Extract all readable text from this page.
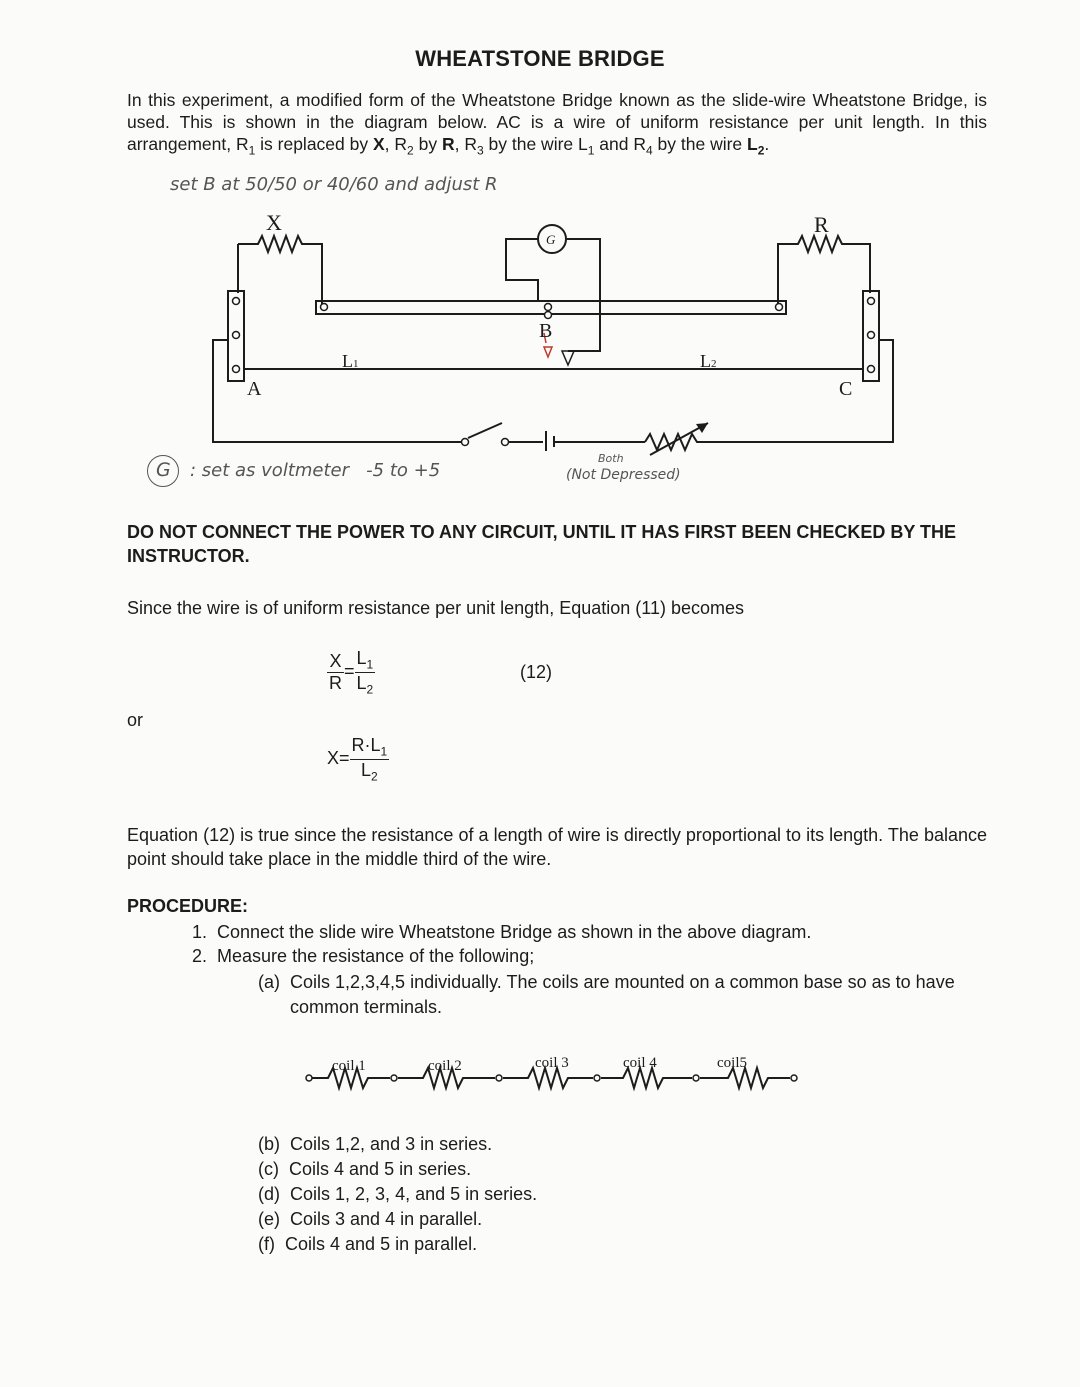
WHEATSTONE BRIDGE
In this experiment, a modified form of the Wheatstone Bridge known as the slide-wire Wheatstone Bridge, is used. This is shown in the diagram below. AC is a wire of uniform resistance per unit length. In this arrangement, $R_1$ is replaced by X, $R_2$ by R, $R_3$ by the wire $L_1$ and $R_4$ by the wire $L_2$.
set B at 50/50 or 40/60 and adjust R
X	R
G
B
A	C
L1	L2
G : set as voltmeter   -5 to +5
Both
(Not Depressed)
DO NOT CONNECT THE POWER TO ANY CIRCUIT, UNTIL IT HAS FIRST BEEN CHECKED BY THE INSTRUCTOR.
Since the wire is of uniform resistance per unit length, Equation (11) becomes
$\frac{X}{R} = \frac{L_1}{L_2}$	(12)
or
$X= \frac{R\cdot L_1}{L_2}$
Equation (12) is true since the resistance of a length of wire is directly proportional to its length. The balance point should take place in the middle third of the wire.
PROCEDURE:
1. Connect the slide wire Wheatstone Bridge as shown in the above diagram.
2. Measure the resistance of the following;
(a) Coils 1,2,3,4,5 individually. The coils are mounted on a common base so as to have common terminals.
coil 1	coil 2	coil 3	coil 4	coil5
(b) Coils 1,2, and 3 in series.
(c) Coils 4 and 5 in series.
(d) Coils 1, 2, 3, 4, and 5 in series.
(e) Coils 3 and 4 in parallel.
(f) Coils 4 and 5 in parallel.
